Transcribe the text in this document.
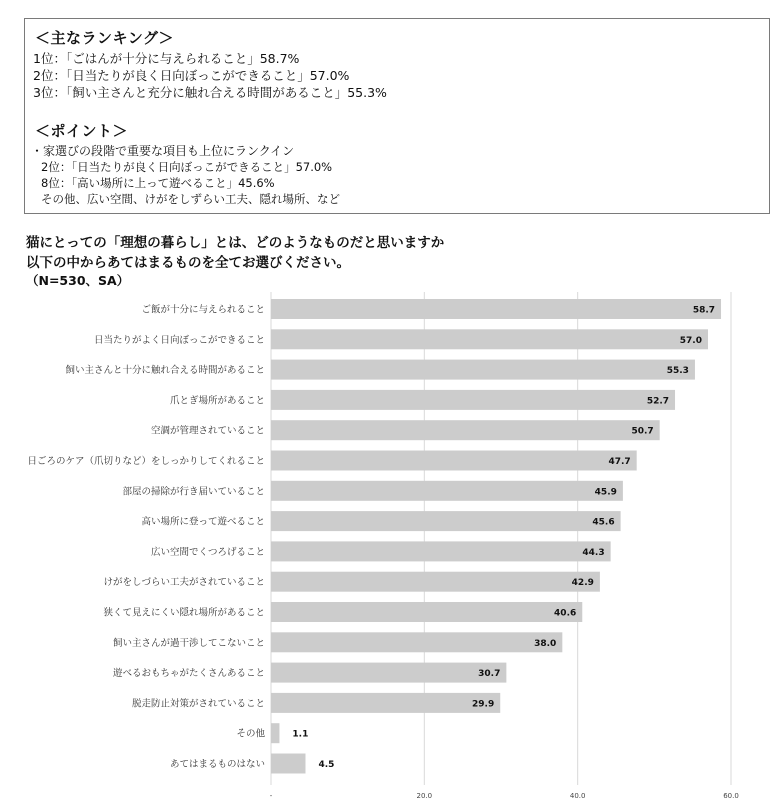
＜主なランキング＞
1位：「ごはんが十分に与えられること」58.7%
2位：「日当たりが良く日向ぼっこができること」57.0%
3位：「飼い主さんと充分に触れ合える時間があること」55.3%
＜ポイント＞
・家選びの段階で重要な項目も上位にランクイン
2位：「日当たりが良く日向ぼっこができること」57.0%
8位：「高い場所に上って遊べること」45.6%
その他、広い空間、けがをしずらい工夫、隠れ場所、など
猫にとっての「理想の暮らし」とは、どのようなものだと思いますか
以下の中からあてはまるものを全てお選びください。
（N=530、SA）
ご飯が十分に与えられること	58.7
日当たりがよく日向ぼっこができること	57.0
飼い主さんと十分に触れ合える時間があること	55.3
爪とぎ場所があること	52.7
空調が管理されていること	50.7
日ごろのケア（爪切りなど）をしっかりしてくれること	47.7
部屋の掃除が行き届いていること	45.9
高い場所に登って遊べること	45.6
広い空間でくつろげること	44.3
けがをしづらい工夫がされていること	42.9
狭くて見えにくい隠れ場所があること	40.6
飼い主さんが過干渉してこないこと	38.0
遊べるおもちゃがたくさんあること	30.7
脱走防止対策がされていること	29.9
その他	1.1
あてはまるものはない	4.5
-	20.0	40.0	60.0
